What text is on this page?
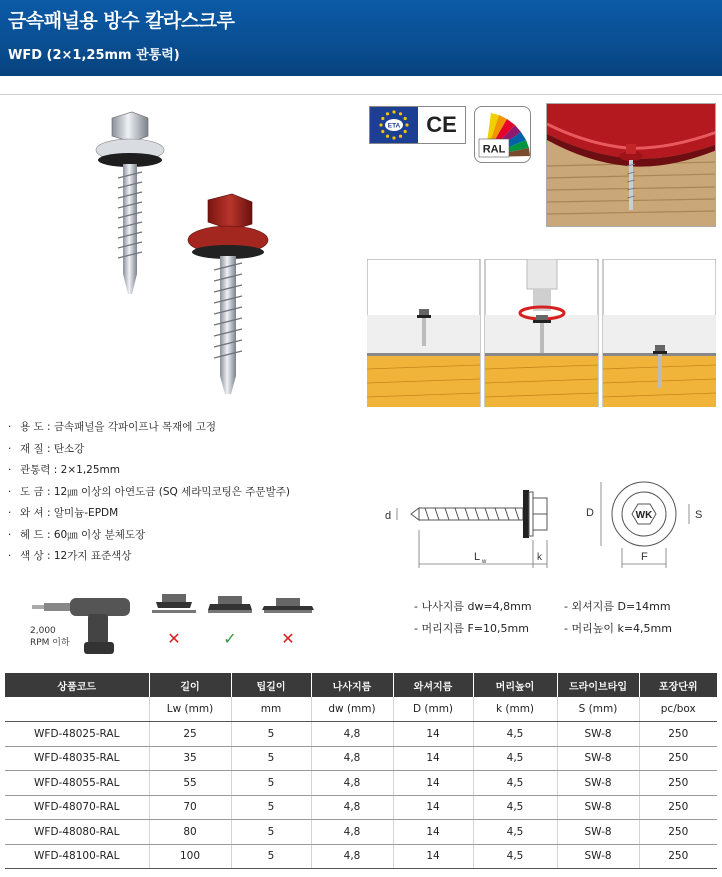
금속패널용 방수 칼라스크루
WFD (2×1,25mm 관통력)
ETA	CE
RAL
· 용 도 : 금속패널을 각파이프나 목재에 고정
· 재 질 : 탄소강
· 관통력 : 2×1,25mm
· 도 금 : 12㎛ 이상의 아연도금 (SQ 세라믹코팅은 주문발주)
· 와 셔 : 알미늄-EPDM
· 헤 드 : 60㎛ 이상 분체도장
· 색 상 : 12가지 표준색상
d
L w	k
WK
D	S
F
- 나사지름 dw=4,8mm	- 외셔지름 D=14mm
- 머리지름 F=10,5mm	- 머리높이 k=4,5mm
2,000
RPM 이하	✕	✓	✕
상품코드	길이	팁길이	나사지름	와셔지름	머리높이	드라이브타입	포장단위
	Lw (mm)	mm	dw (mm)	D (mm)	k (mm)	S (mm)	pc/box
WFD-48025-RAL	25	5	4,8	14	4,5	SW-8	250
WFD-48035-RAL	35	5	4,8	14	4,5	SW-8	250
WFD-48055-RAL	55	5	4,8	14	4,5	SW-8	250
WFD-48070-RAL	70	5	4,8	14	4,5	SW-8	250
WFD-48080-RAL	80	5	4,8	14	4,5	SW-8	250
WFD-48100-RAL	100	5	4,8	14	4,5	SW-8	250
